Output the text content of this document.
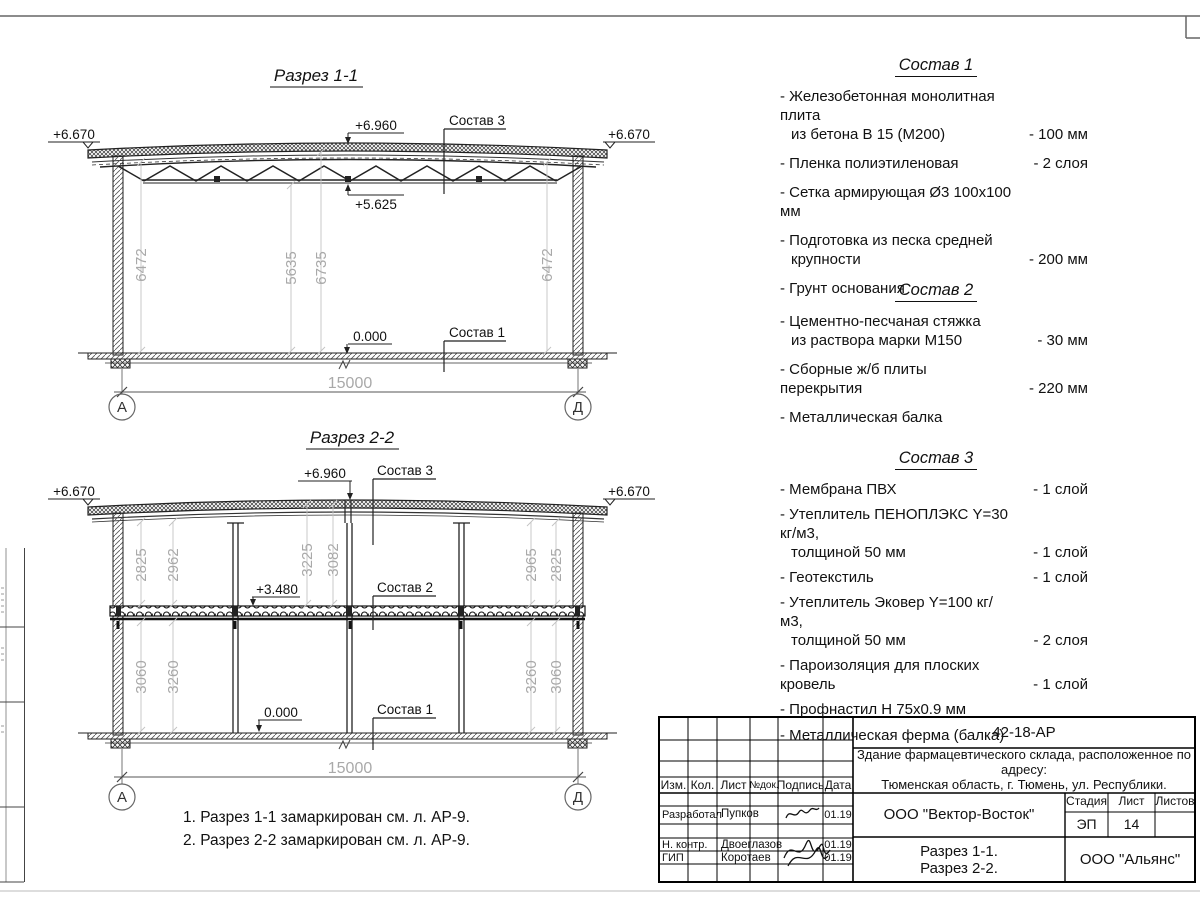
Разрез 1-1
+6.670	+6.670
+6.960
+5.625
0.000
Состав 3
Состав 1
6472	5635 6735	6472
15000
А	Д
Разрез 2-2
+6.670	+6.670
+6.960
+3.480
0.000
Состав 3
Состав 2
Состав 1
2825 2962	3225 3082	2965 2825
3060 3260	3260 3060
15000
А	Д
Состав 1
- Железобетонная монолитная плита
из бетона В 15 (М200)	- 100 мм
- Пленка полиэтиленовая	- 2 слоя
- Сетка армирующая Ø3 100х100 мм
- Подготовка из песка средней
крупности	- 200 мм
- Грунт основания
Состав 2
- Цементно-песчаная стяжка
из раствора марки М150	- 30 мм
- Сборные ж/б плиты перекрытия	- 220 мм
- Металлическая балка
Состав 3
- Мембрана ПВХ	- 1 слой
- Утеплитель ПЕНОПЛЭКС Y=30 кг/м3,
толщиной 50 мм	- 1 слой
- Геотекстиль	- 1 слой
- Утеплитель Эковер Y=100 кг/м3,
толщиной 50 мм	- 2 слоя
- Пароизоляция для плоских кровель	- 1 слой
- Профнастил Н 75х0.9 мм
- Металлическая ферма (балка)
1. Разрез 1-1 замаркирован см. л. АР-9.
2. Разрез 2-2 замаркирован см. л. АР-9.
42-18-АР
Здание фармацевтического склада, расположенное по адресу:
Тюменская область, г. Тюмень, ул. Республики.
ООО "Вектор-Восток"
Стадия Лист Листов
ЭП	14
Разрез 1-1.
Разрез 2-2.
ООО "Альянс"
Изм. Кол. Лист №док.
Подпись Дата
Разработал Пупков	01.19
Н. контр.	Двоеглазов	01.19
ГИП	Коротаев	01.19
